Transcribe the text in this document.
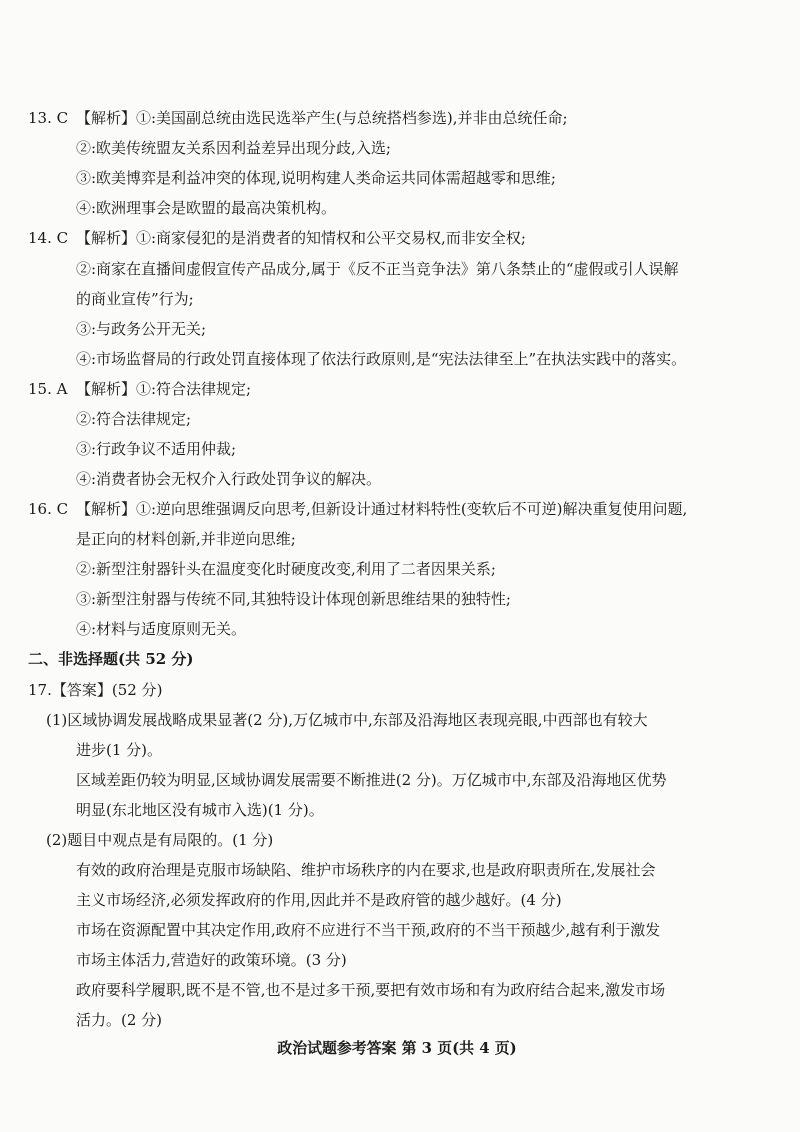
13. C 【解析】①:美国副总统由选民选举产生(与总统搭档参选),并非由总统任命;
②:欧美传统盟友关系因利益差异出现分歧,入选;
③:欧美博弈是利益冲突的体现,说明构建人类命运共同体需超越零和思维;
④:欧洲理事会是欧盟的最高决策机构。
14. C 【解析】①:商家侵犯的是消费者的知情权和公平交易权,而非安全权;
②:商家在直播间虚假宣传产品成分,属于《反不正当竞争法》第八条禁止的“虚假或引人误解
的商业宣传”行为;
③:与政务公开无关;
④:市场监督局的行政处罚直接体现了依法行政原则,是“宪法法律至上”在执法实践中的落实。
15. A 【解析】①:符合法律规定;
②:符合法律规定;
③:行政争议不适用仲裁;
④:消费者协会无权介入行政处罚争议的解决。
16. C 【解析】①:逆向思维强调反向思考,但新设计通过材料特性(变软后不可逆)解决重复使用问题,
是正向的材料创新,并非逆向思维;
②:新型注射器针头在温度变化时硬度改变,利用了二者因果关系;
③:新型注射器与传统不同,其独特设计体现创新思维结果的独特性;
④:材料与适度原则无关。
二、非选择题(共 52 分)
17.【答案】(52 分)
(1)区域协调发展战略成果显著(2 分),万亿城市中,东部及沿海地区表现亮眼,中西部也有较大
进步(1 分)。
区域差距仍较为明显,区域协调发展需要不断推进(2 分)。万亿城市中,东部及沿海地区优势
明显(东北地区没有城市入选)(1 分)。
(2)题目中观点是有局限的。(1 分)
有效的政府治理是克服市场缺陷、维护市场秩序的内在要求,也是政府职责所在,发展社会
主义市场经济,必须发挥政府的作用,因此并不是政府管的越少越好。(4 分)
市场在资源配置中其决定作用,政府不应进行不当干预,政府的不当干预越少,越有利于激发
市场主体活力,营造好的政策环境。(3 分)
政府要科学履职,既不是不管,也不是过多干预,要把有效市场和有为政府结合起来,激发市场
活力。(2 分)
政治试题参考答案 第 3 页(共 4 页)
